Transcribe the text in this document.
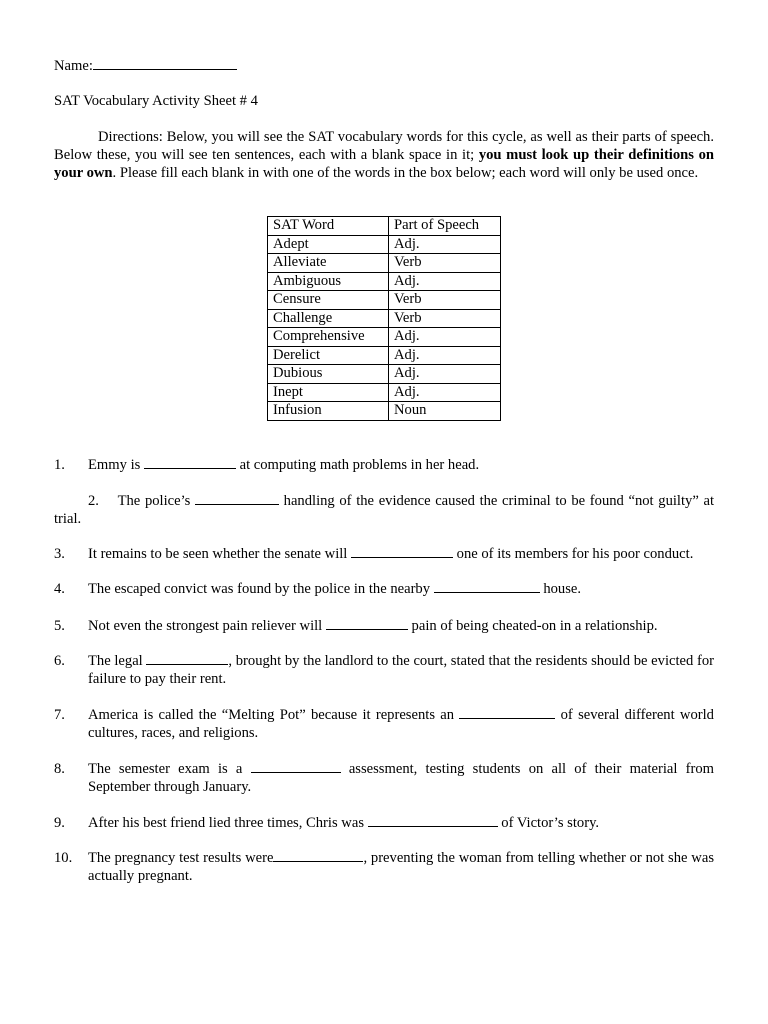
Name:
SAT Vocabulary Activity Sheet # 4
Directions: Below, you will see the SAT vocabulary words for this cycle, as well as their parts of speech. Below these, you will see ten sentences, each with a blank space in it; you must look up their definitions on your own. Please fill each blank in with one of the words in the box below; each word will only be used once.
SAT Word	Part of Speech
Adept	Adj.
Alleviate	Verb
Ambiguous	Adj.
Censure	Verb
Challenge	Verb
Comprehensive	Adj.
Derelict	Adj.
Dubious	Adj.
Inept	Adj.
Infusion	Noun
1. Emmy is	at computing math problems in her head.
2. The police’s	handling of the evidence caused the criminal to be found “not guilty” at trial.
3. It remains to be seen whether the senate will	one of its members for his poor conduct.
4. The escaped convict was found by the police in the nearby	house.
5. Not even the strongest pain reliever will	pain of being cheated-on in a relationship.
6. The legal	, brought by the landlord to the court, stated that the residents should be evicted for failure to pay their rent.
7. America is called the “Melting Pot” because it represents an	of several different world cultures, races, and religions.
8. The semester exam is a	assessment, testing students on all of their material from September through January.
9. After his best friend lied three times, Chris was	of Victor’s story.
10. The pregnancy test results were	, preventing the woman from telling whether or not she was actually pregnant.
